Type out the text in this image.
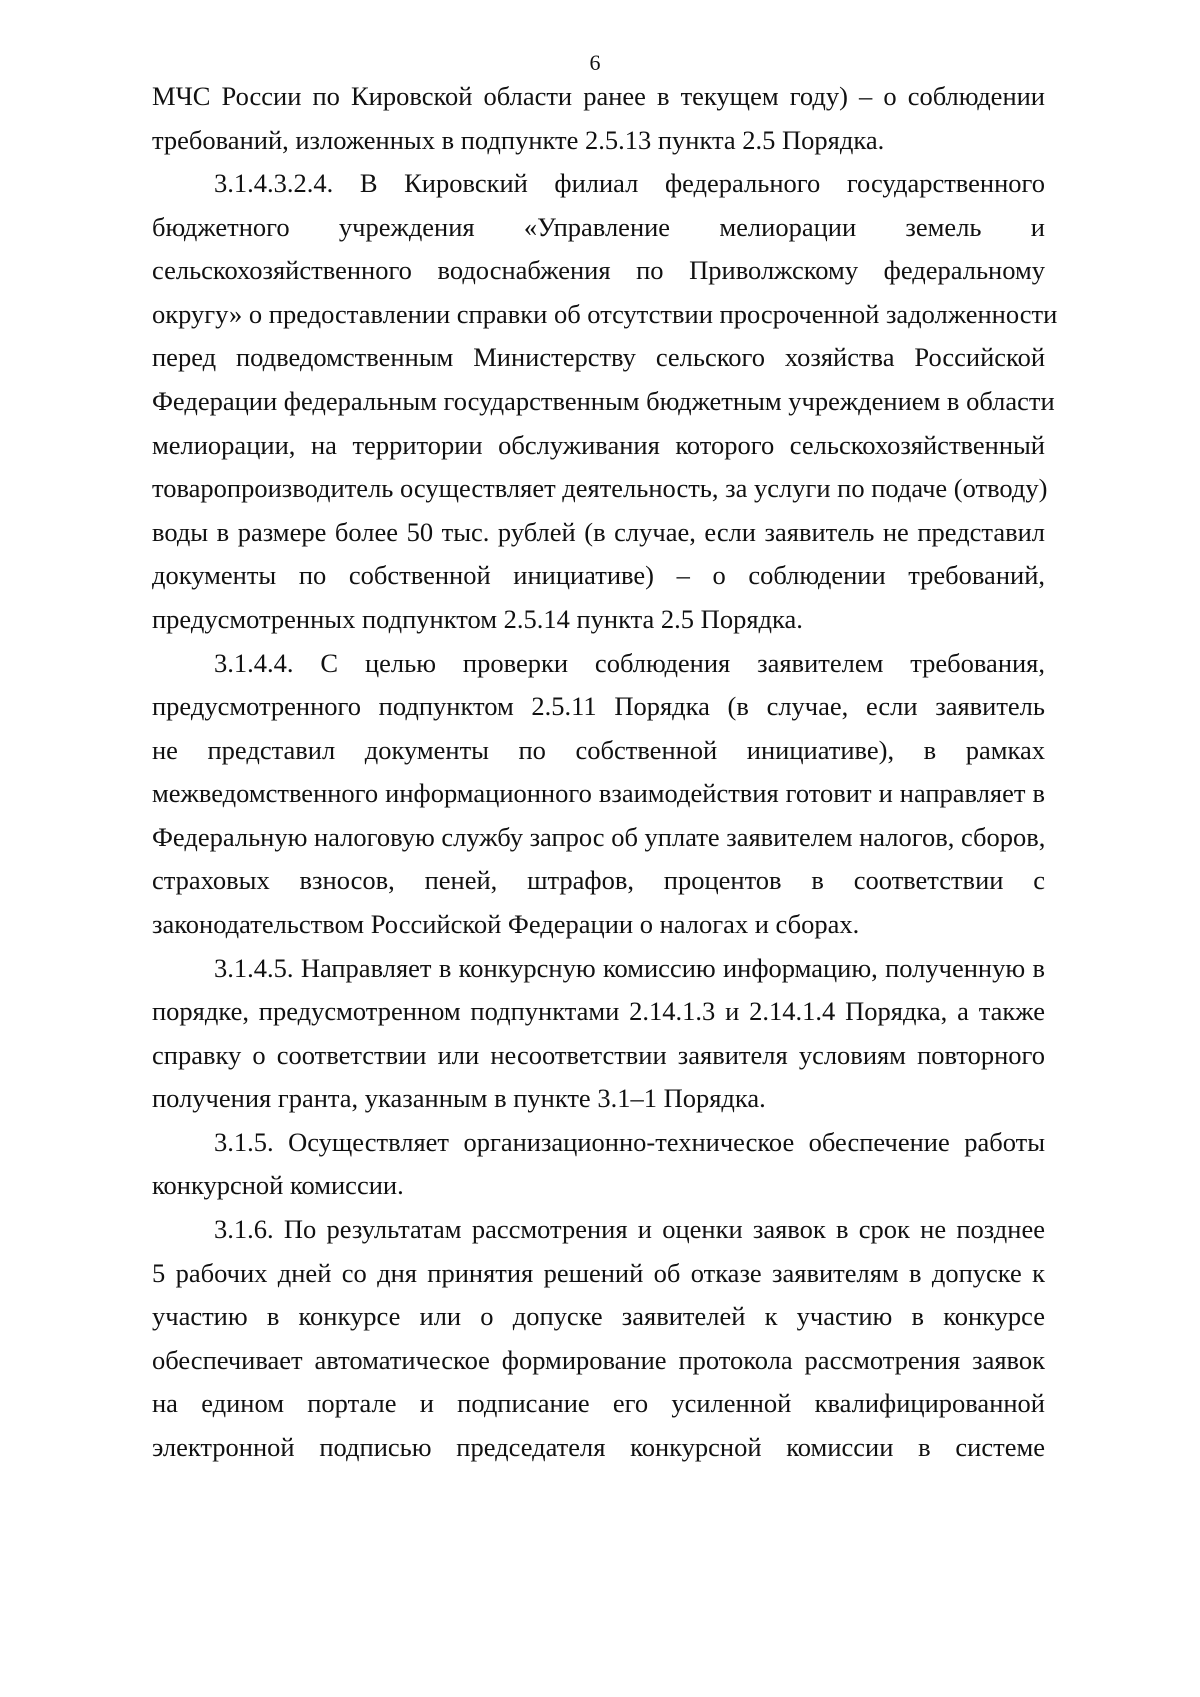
6
МЧС России по Кировской области ранее в текущем году) – о соблюдении
требований, изложенных в подпункте 2.5.13 пункта 2.5 Порядка.
3.1.4.3.2.4. В Кировский филиал федерального государственного
бюджетного учреждения «Управление мелиорации земель и
сельскохозяйственного водоснабжения по Приволжскому федеральному
округу» о предоставлении справки об отсутствии просроченной задолженности
перед подведомственным Министерству сельского хозяйства Российской
Федерации федеральным государственным бюджетным учреждением в области
мелиорации, на территории обслуживания которого сельскохозяйственный
товаропроизводитель осуществляет деятельность, за услуги по подаче (отводу)
воды в размере более 50 тыс. рублей (в случае, если заявитель не представил
документы по собственной инициативе) – о соблюдении требований,
предусмотренных подпунктом 2.5.14 пункта 2.5 Порядка.
3.1.4.4. С целью проверки соблюдения заявителем требования,
предусмотренного подпунктом 2.5.11 Порядка (в случае, если заявитель
не представил документы по собственной инициативе), в рамках
межведомственного информационного взаимодействия готовит и направляет в
Федеральную налоговую службу запрос об уплате заявителем налогов, сборов,
страховых взносов, пеней, штрафов, процентов в соответствии с
законодательством Российской Федерации о налогах и сборах.
3.1.4.5. Направляет в конкурсную комиссию информацию, полученную в
порядке, предусмотренном подпунктами 2.14.1.3 и 2.14.1.4 Порядка, а также
справку о соответствии или несоответствии заявителя условиям повторного
получения гранта, указанным в пункте 3.1–1 Порядка.
3.1.5. Осуществляет организационно-техническое обеспечение работы
конкурсной комиссии.
3.1.6. По результатам рассмотрения и оценки заявок в срок не позднее
5 рабочих дней со дня принятия решений об отказе заявителям в допуске к
участию в конкурсе или о допуске заявителей к участию в конкурсе
обеспечивает автоматическое формирование протокола рассмотрения заявок
на едином портале и подписание его усиленной квалифицированной
электронной подписью председателя конкурсной комиссии в системе
